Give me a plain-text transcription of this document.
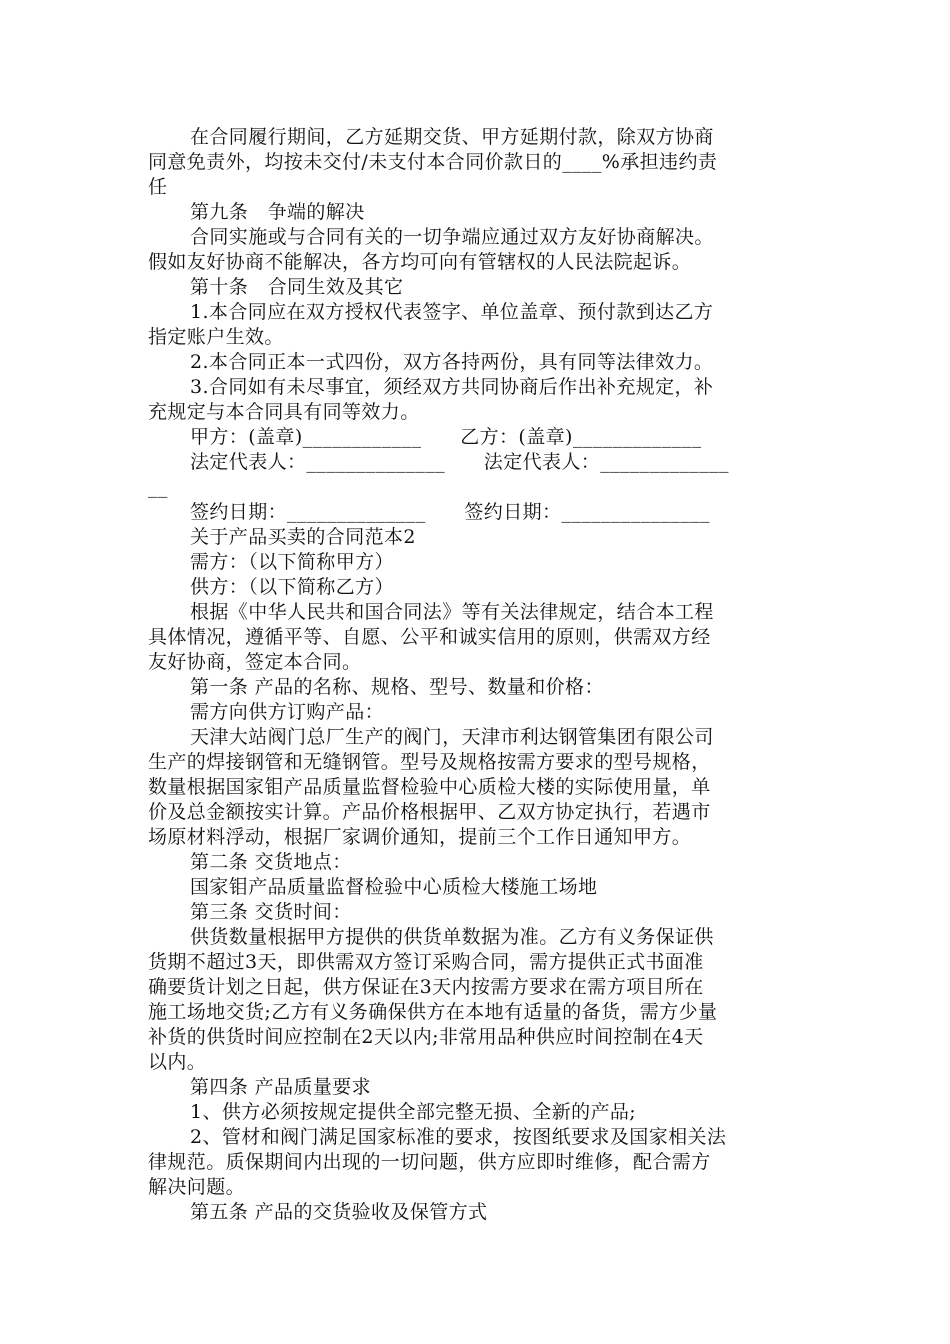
在合同履行期间，乙方延期交货、甲方延期付款，除双方协商
同意免责外，均按未交付/未支付本合同价款日的____%承担违约责
任
第九条　争端的解决
合同实施或与合同有关的一切争端应通过双方友好协商解决。
假如友好协商不能解决，各方均可向有管辖权的人民法院起诉。
第十条　合同生效及其它
1.本合同应在双方授权代表签字、单位盖章、预付款到达乙方
指定账户生效。
2.本合同正本一式四份，双方各持两份，具有同等法律效力。
3.合同如有未尽事宜，须经双方共同协商后作出补充规定，补
充规定与本合同具有同等效力。
甲方：(盖章)____________　　乙方：(盖章)_____________
法定代表人：______________　　法定代表人：_____________
__
签约日期：______________　　签约日期：_______________
关于产品买卖的合同范本2
需方：（以下简称甲方）
供方：（以下简称乙方）
根据《中华人民共和国合同法》等有关法律规定，结合本工程
具体情况，遵循平等、自愿、公平和诚实信用的原则，供需双方经
友好协商，签定本合同。
第一条 产品的名称、规格、型号、数量和价格：
需方向供方订购产品：
天津大站阀门总厂生产的阀门，天津市利达钢管集团有限公司
生产的焊接钢管和无缝钢管。型号及规格按需方要求的型号规格，
数量根据国家钼产品质量监督检验中心质检大楼的实际使用量，单
价及总金额按实计算。产品价格根据甲、乙双方协定执行，若遇市
场原材料浮动，根据厂家调价通知，提前三个工作日通知甲方。
第二条 交货地点：
国家钼产品质量监督检验中心质检大楼施工场地
第三条 交货时间：
供货数量根据甲方提供的供货单数据为准。乙方有义务保证供
货期不超过3天，即供需双方签订采购合同，需方提供正式书面准
确要货计划之日起，供方保证在3天内按需方要求在需方项目所在
施工场地交货;乙方有义务确保供方在本地有适量的备货，需方少量
补货的供货时间应控制在2天以内;非常用品种供应时间控制在4天
以内。
第四条 产品质量要求
1、供方必须按规定提供全部完整无损、全新的产品;
2、管材和阀门满足国家标准的要求，按图纸要求及国家相关法
律规范。质保期间内出现的一切问题，供方应即时维修，配合需方
解决问题。
第五条 产品的交货验收及保管方式
